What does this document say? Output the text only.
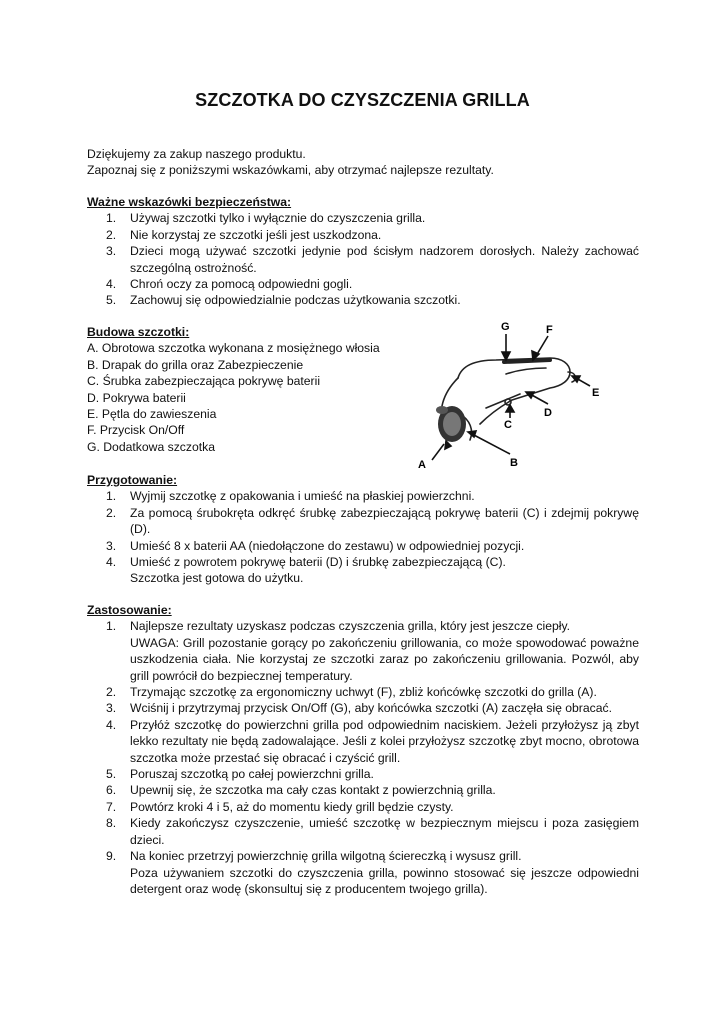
SZCZOTKA DO CZYSZCZENIA GRILLA

Dziękujemy za zakup naszego produktu.

Zapoznaj się z poniższymi wskazówkami, aby otrzymać najlepsze rezultaty.

Ważne wskazówki bezpieczeństwa:
1. Używaj szczotki tylko i wyłącznie do czyszczenia grilla.
2. Nie korzystaj ze szczotki jeśli jest uszkodzona.
3. Dzieci mogą używać szczotki jedynie pod ścisłym nadzorem dorosłych. Należy zachować szczególną ostrożność.
4. Chroń oczy za pomocą odpowiedni gogli.
5. Zachowuj się odpowiedzialnie podczas użytkowania szczotki.
Budowa szczotki:
A. Obrotowa szczotka wykonana z mosiężnego włosia
B. Drapak do grilla oraz Zabezpieczenie
C. Śrubka zabezpieczająca pokrywę baterii
D. Pokrywa baterii
E. Pętla do zawieszenia
F. Przycisk On/Off
G. Dodatkowa szczotka
G	F
E
D
C
A	B
Przygotowanie:
1. Wyjmij szczotkę z opakowania i umieść na płaskiej powierzchni.
2. Za pomocą śrubokręta odkręć śrubkę zabezpieczającą pokrywę baterii (C) i zdejmij pokrywę (D).
3. Umieść 8 x baterii AA (niedołączone do zestawu) w odpowiedniej pozycji.
4. Umieść z powrotem pokrywę baterii (D) i śrubkę zabezpieczającą (C).
Szczotka jest gotowa do użytku.
Zastosowanie:
1. Najlepsze rezultaty uzyskasz podczas czyszczenia grilla, który jest jeszcze ciepły.
UWAGA: Grill pozostanie gorący po zakończeniu grillowania, co może spowodować poważne uszkodzenia ciała. Nie korzystaj ze szczotki zaraz po zakończeniu grillowania. Pozwól, aby grill powrócił do bezpiecznej temperatury.
2. Trzymając szczotkę za ergonomiczny uchwyt (F), zbliż końcówkę szczotki do grilla (A).
3. Wciśnij i przytrzymaj przycisk On/Off (G), aby końcówka szczotki (A) zaczęła się obracać.
4. Przyłóż szczotkę do powierzchni grilla pod odpowiednim naciskiem. Jeżeli przyłożysz ją zbyt lekko rezultaty nie będą zadowalające. Jeśli z kolei przyłożysz szczotkę zbyt mocno, obrotowa szczotka może przestać się obracać i czyścić grill.
5. Poruszaj szczotką po całej powierzchni grilla.
6. Upewnij się, że szczotka ma cały czas kontakt z powierzchnią grilla.
7. Powtórz kroki 4 i 5, aż do momentu kiedy grill będzie czysty.
8. Kiedy zakończysz czyszczenie, umieść szczotkę w bezpiecznym miejscu i poza zasięgiem dzieci.
9. Na koniec przetrzyj powierzchnię grilla wilgotną ściereczką i wysusz grill.
Poza używaniem szczotki do czyszczenia grilla, powinno stosować się jeszcze odpowiedni detergent oraz wodę (skonsultuj się z producentem twojego grilla).
